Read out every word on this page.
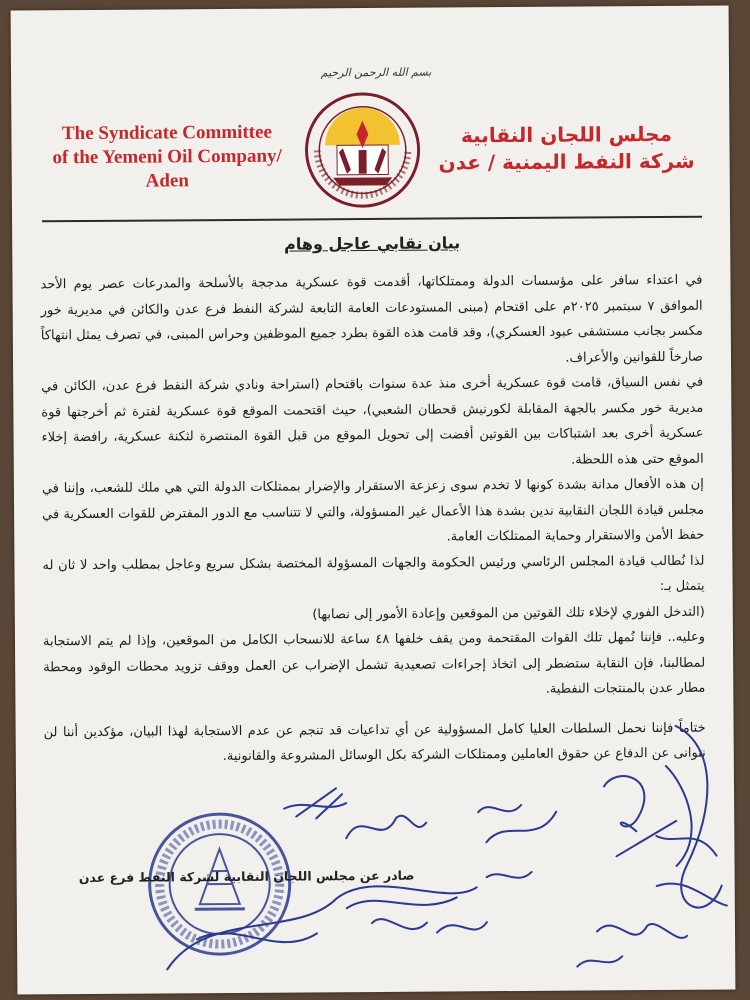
بسم الله الرحمن الرحيم
The Syndicate Committee
of the Yemeni Oil Company/ Aden
مجلس اللجان النقابية
شركة النفط اليمنية / عدن
بيان نقابي عاجل وهام

في اعتداء سافر على مؤسسات الدولة وممتلكاتها، أقدمت قوة عسكرية مدججة بالأسلحة والمدرعات عصر يوم الأحد الموافق ٧ سبتمبر ٢٠٢٥م على اقتحام (مبنى المستودعات العامة التابعة لشركة النفط فرع عدن والكائن في مديرية خور مكسر بجانب مستشفى عبود العسكري)، وقد قامت هذه القوة بطرد جميع الموظفين وحراس المبنى، في تصرف يمثل انتهاكاً صارخاً للقوانين والأعراف.

في نفس السياق، قامت قوة عسكرية أخرى منذ عدة سنوات باقتحام (استراحة ونادي شركة النفط فرع عدن، الكائن في مديرية خور مكسر بالجهة المقابلة لكورنيش قحطان الشعبي)، حيث اقتحمت الموقع قوة عسكرية لفترة ثم أخرجتها قوة عسكرية أخرى بعد اشتباكات بين القوتين أفضت إلى تحويل الموقع من قبل القوة المنتصرة لثكنة عسكرية، رافضة إخلاء الموقع حتى هذه اللحظة.

إن هذه الأفعال مدانة بشدة كونها لا تخدم سوى زعزعة الاستقرار والإضرار بممتلكات الدولة التي هي ملك للشعب، وإننا في مجلس قيادة اللجان النقابية ندين بشدة هذا الأعمال غير المسؤولة، والتي لا تتناسب مع الدور المفترض للقوات العسكرية في حفظ الأمن والاستقرار وحماية الممتلكات العامة.

لذا نُطالب قيادة المجلس الرئاسي ورئيس الحكومة والجهات المسؤولة المختصة بشكل سريع وعاجل بمطلب واحد لا ثان له يتمثل بـ:

(التدخل الفوري لإخلاء تلك القوتين من الموقعين وإعادة الأمور إلى نصابها)

وعليه.. فإننا نُمهل تلك القوات المقتحمة ومن يقف خلفها ٤٨ ساعة للانسحاب الكامل من الموقعين، وإذا لم يتم الاستجابة لمطالبنا، فإن النقابة ستضطر إلى اتخاذ إجراءات تصعيدية تشمل الإضراب عن العمل ووقف تزويد محطات الوقود ومحطة مطار عدن بالمنتجات النفطية.

ختاماً فإننا نحمل السلطات العليا كامل المسؤولية عن أي تداعيات قد تنجم عن عدم الاستجابة لهذا البيان، مؤكدين أننا لن نتوانى عن الدفاع عن حقوق العاملين وممتلكات الشركة بكل الوسائل المشروعة والقانونية.

صادر عن مجلس اللجان النقابية لشركة النفط فرع عدن
